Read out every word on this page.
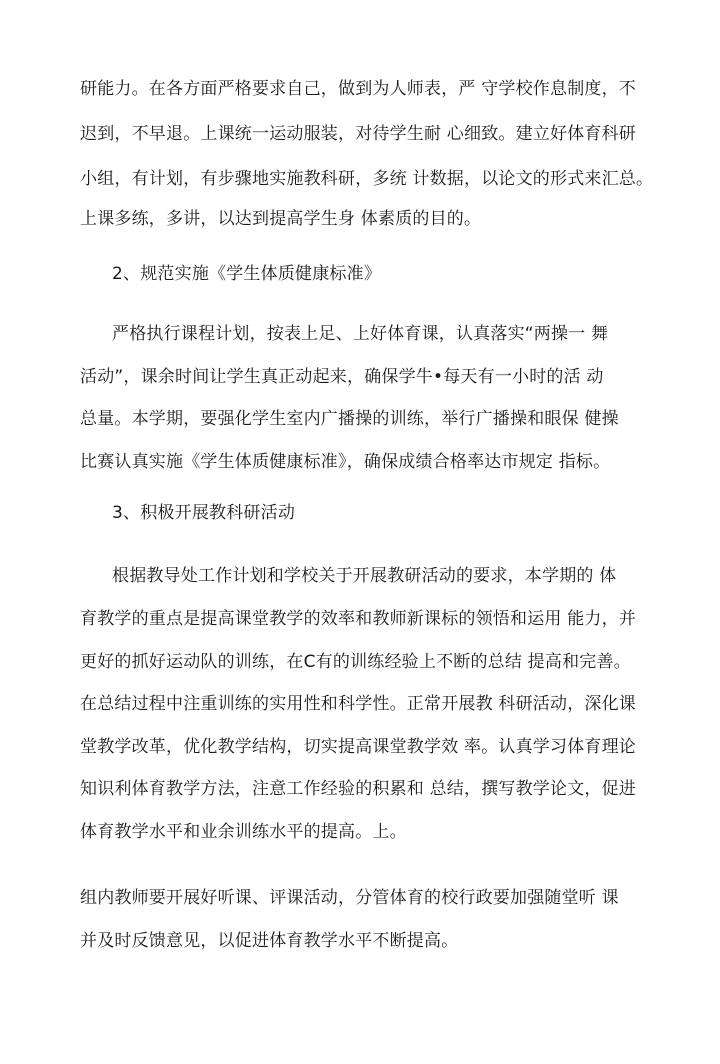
研能力。在各方面严格要求自己，做到为人师表，严 守学校作息制度，不
迟到，不早退。上课统一运动服装，对待学生耐 心细致。建立好体育科研
小组，有计划，有步骤地实施教科研，多统 计数据，以论文的形式来汇总。
上课多练，多讲，以达到提高学生身 体素质的目的。
2、规范实施《学生体质健康标准》
严格执行课程计划，按表上足、上好体育课，认真落实“两操一 舞
活动”，课余时间让学生真正动起来，确保学牛•每天有一小时的活 动
总量。本学期，要强化学生室内广播操的训练，举行广播操和眼保 健操
比赛认真实施《学生体质健康标准》，确保成绩合格率达市规定 指标。
3、积极开展教科研活动
根据教导处工作计划和学校关于开展教研活动的要求，本学期的 体
育教学的重点是提高课堂教学的效率和教师新课标的领悟和运用 能力，并
更好的抓好运动队的训练，在C有的训练经验上不断的总结 提高和完善。
在总结过程中注重训练的实用性和科学性。正常开展教 科研活动，深化课
堂教学改革，优化教学结构，切实提高课堂教学效 率。认真学习体育理论
知识利体育教学方法，注意工作经验的积累和 总结，撰写教学论文，促进
体育教学水平和业余训练水平的提高。上。
组内教师要开展好听课、评课活动，分管体育的校行政要加强随堂听 课
并及时反馈意见，以促进体育教学水平不断提高。
